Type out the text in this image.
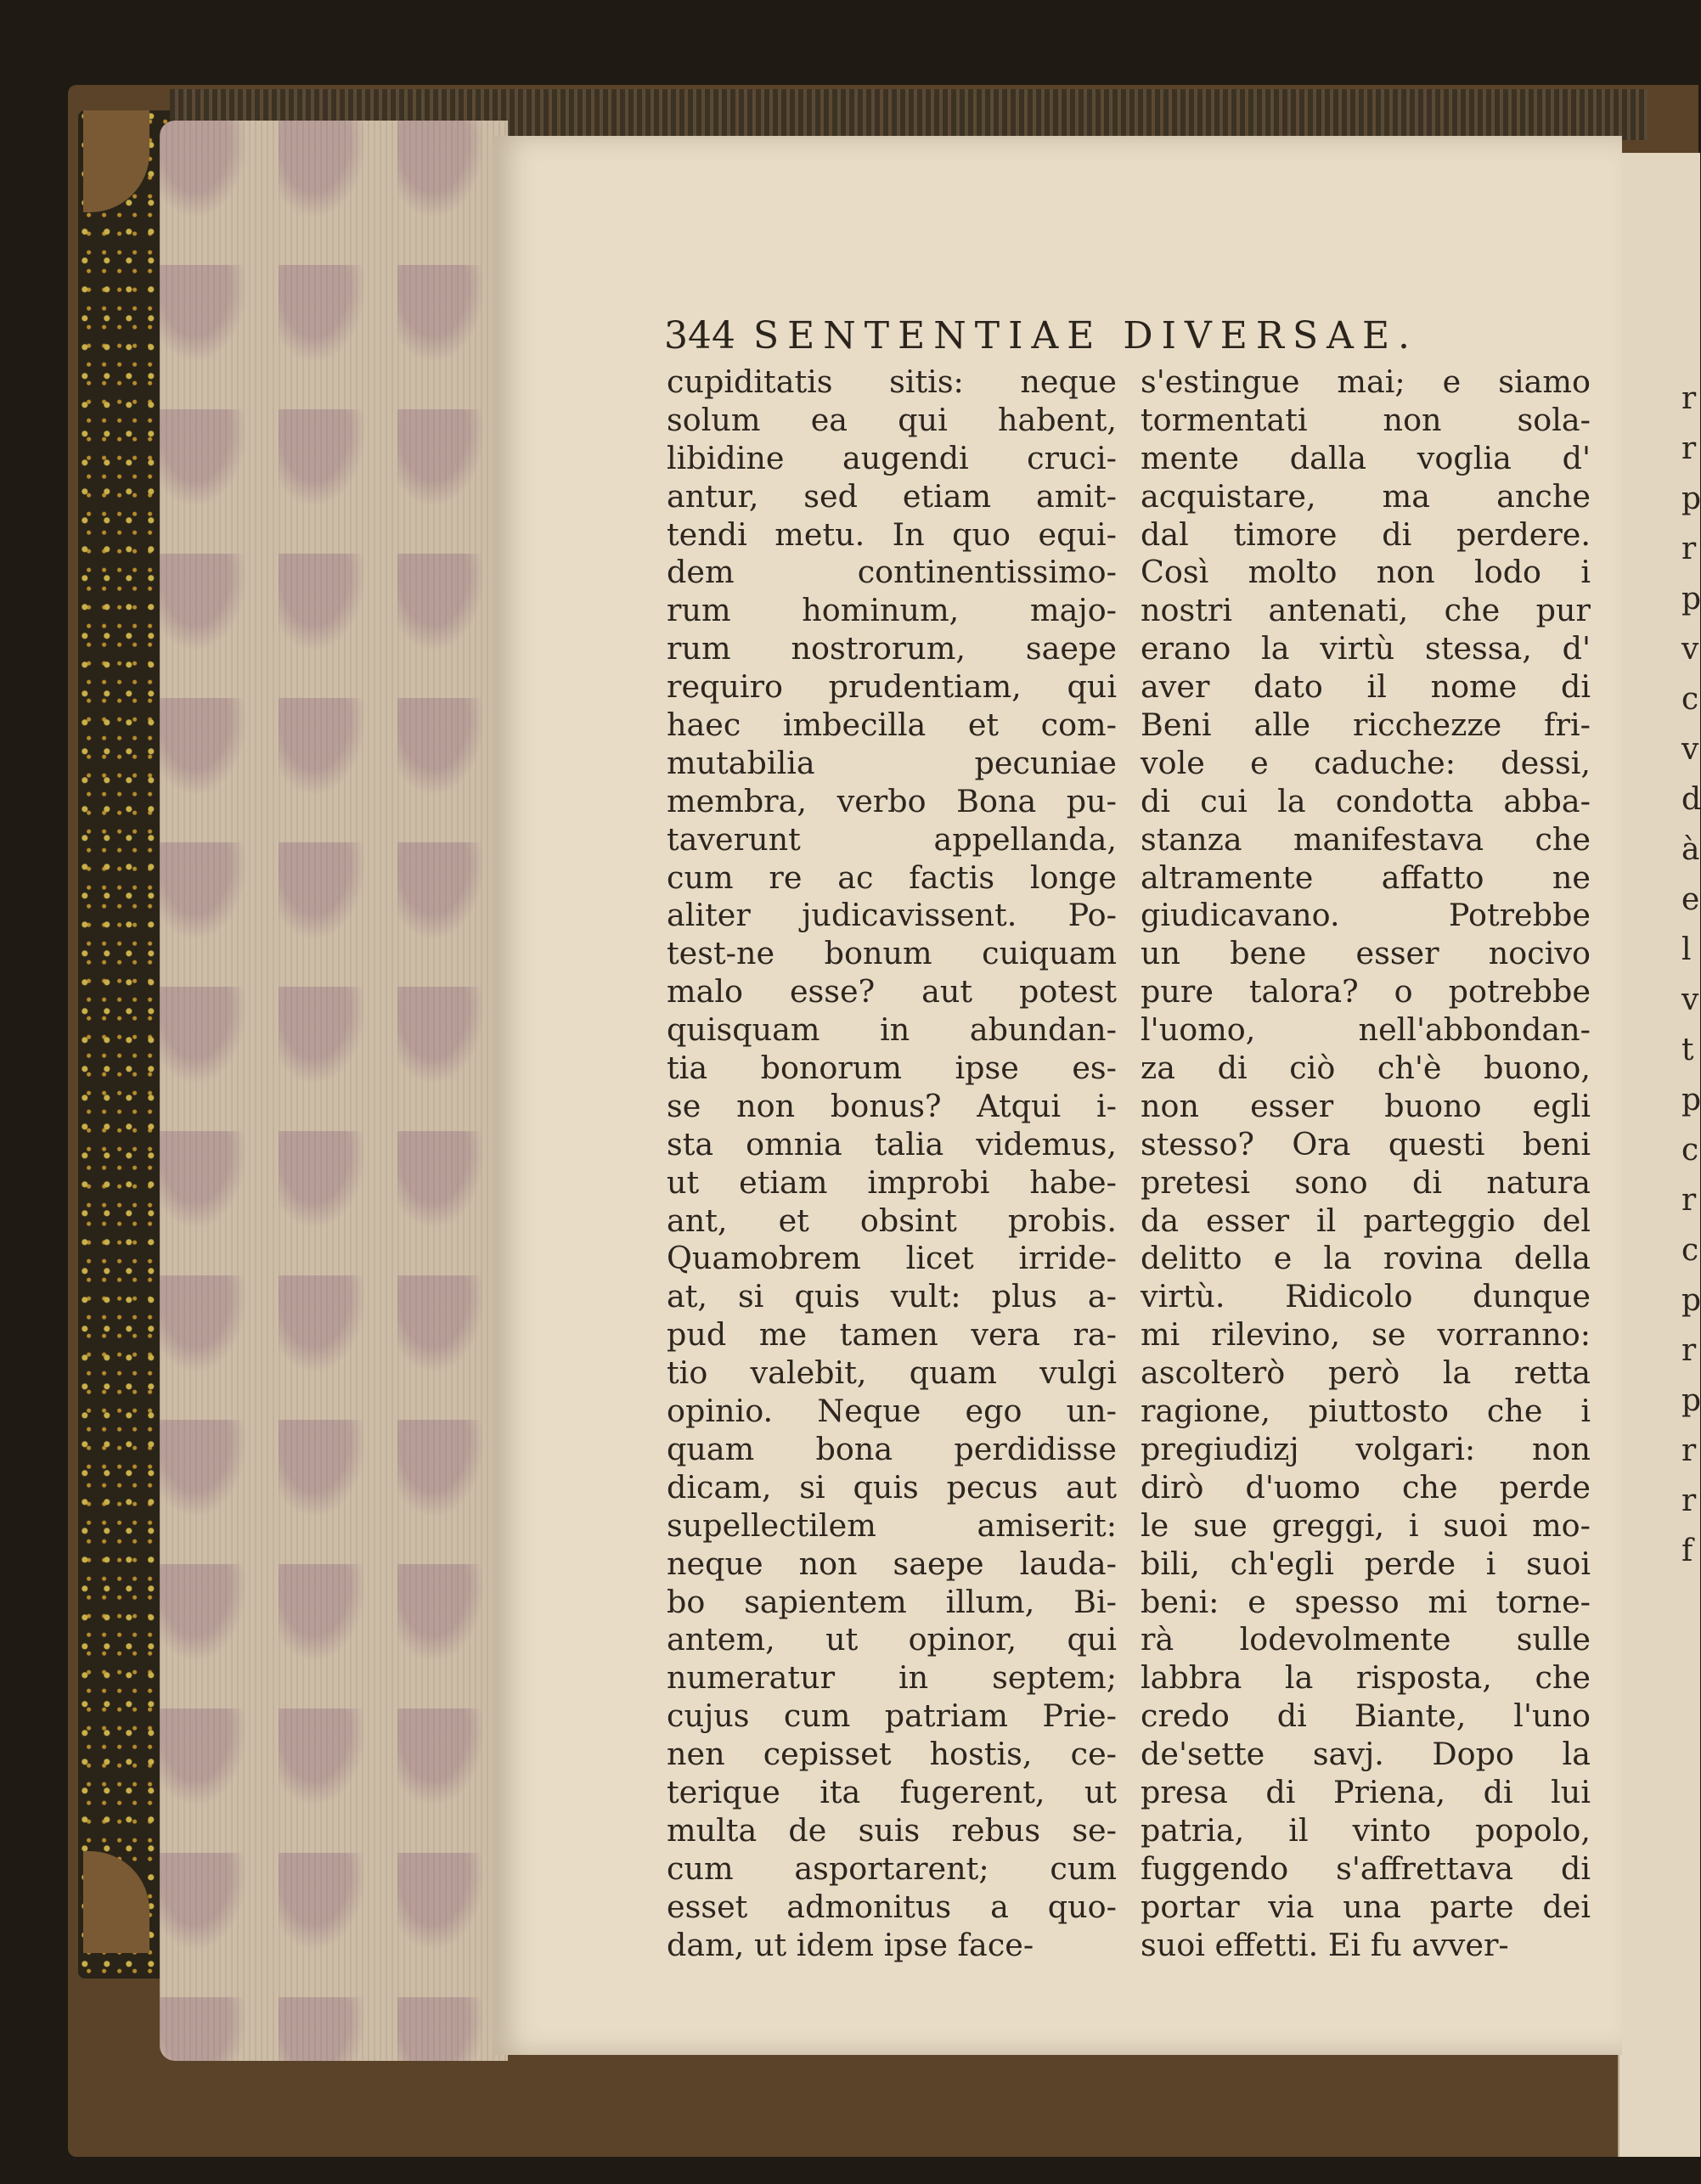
344 SENTENTIAE DIVERSAE.
cupiditatis sitis: neque
solum ea qui habent,
libidine augendi cruci-
antur, sed etiam amit-
tendi metu. In quo equi-
dem continentissimo-
rum hominum, majo-
rum nostrorum, saepe
requiro prudentiam, qui
haec imbecilla et com-
mutabilia pecuniae
membra, verbo Bona pu-
taverunt appellanda,
cum re ac factis longe
aliter judicavissent. Po-
test-ne bonum cuiquam
malo esse? aut potest
quisquam in abundan-
tia bonorum ipse es-
se non bonus? Atqui i-
sta omnia talia videmus,
ut etiam improbi habe-
ant, et obsint probis.
Quamobrem licet irride-
at, si quis vult: plus a-
pud me tamen vera ra-
tio valebit, quam vulgi
opinio. Neque ego un-
quam bona perdidisse
dicam, si quis pecus aut
supellectilem amiserit:
neque non saepe lauda-
bo sapientem illum, Bi-
antem, ut opinor, qui
numeratur in septem;
cujus cum patriam Prie-
nen cepisset hostis, ce-
terique ita fugerent, ut
multa de suis rebus se-
cum asportarent; cum
esset admonitus a quo-
dam, ut idem ipse face-
s'estingue mai; e siamo
tormentati non sola-
mente dalla voglia d'
acquistare, ma anche
dal timore di perdere.
Così molto non lodo i
nostri antenati, che pur
erano la virtù stessa, d'
aver dato il nome di
Beni alle ricchezze fri-
vole e caduche: dessi,
di cui la condotta abba-
stanza manifestava che
altramente affatto ne
giudicavano. Potrebbe
un bene esser nocivo
pure talora? o potrebbe
l'uomo, nell'abbondan-
za di ciò ch'è buono,
non esser buono egli
stesso? Ora questi beni
pretesi sono di natura
da esser il parteggio del
delitto e la rovina della
virtù. Ridicolo dunque
mi rilevino, se vorranno:
ascolterò però la retta
ragione, piuttosto che i
pregiudizj volgari: non
dirò d'uomo che perde
le sue greggi, i suoi mo-
bili, ch'egli perde i suoi
beni: e spesso mi torne-
rà lodevolmente sulle
labbra la risposta, che
credo di Biante, l'uno
de'sette savj. Dopo la
presa di Priena, di lui
patria, il vinto popolo,
fuggendo s'affrettava di
portar via una parte dei
suoi effetti. Ei fu avver-
r
r
p
r
p
v
c
v
d
à
e
l
v
t
p
c
r
c
p
r
p
r
r
f
